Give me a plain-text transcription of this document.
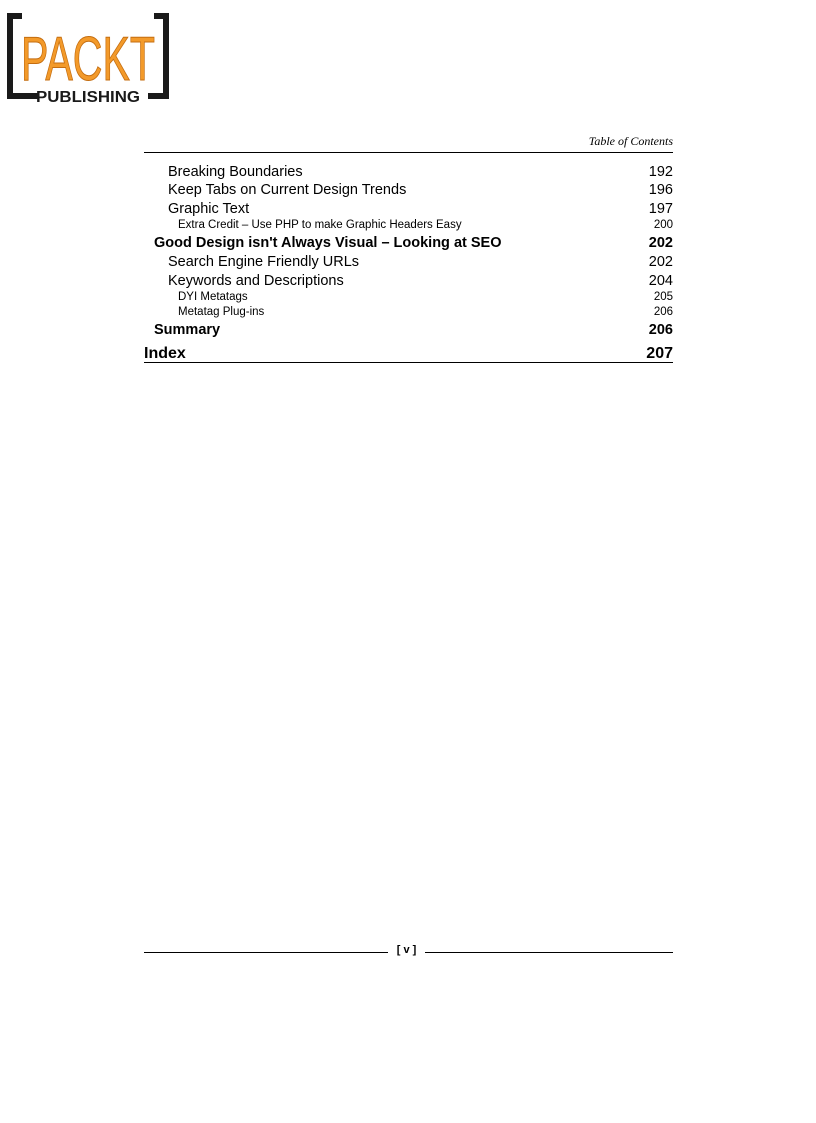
PACKT
PUBLISHING
Table of Contents
Breaking Boundaries	192
Keep Tabs on Current Design Trends	196
Graphic Text	197
Extra Credit – Use PHP to make Graphic Headers Easy	200
Good Design isn't Always Visual – Looking at SEO	202
Search Engine Friendly URLs	202
Keywords and Descriptions	204
DYI Metatags	205
Metatag Plug-ins	206
Summary	206
Index	207
[ v ]
